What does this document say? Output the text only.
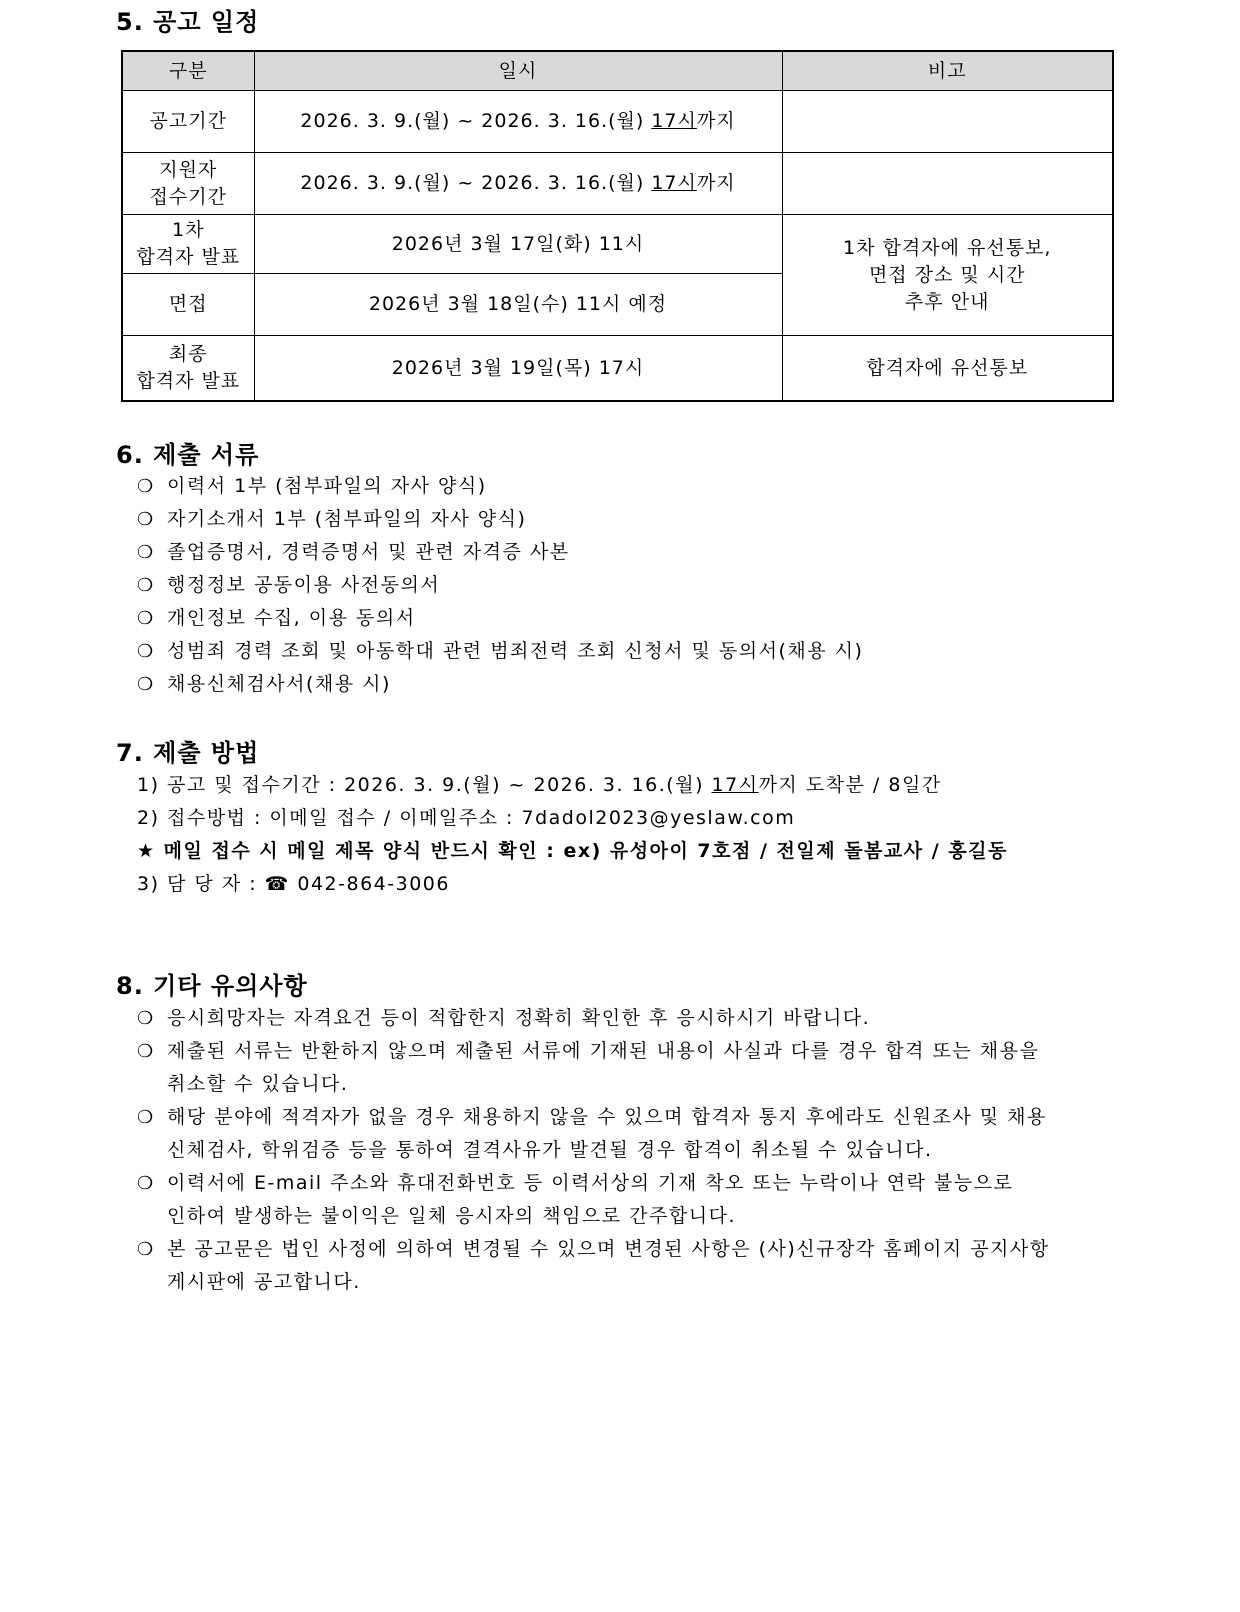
5. 공고 일정
구분	일시	비고
공고기간	2026. 3. 9.(월) ~ 2026. 3. 16.(월) 17시까지	

지원자
접수기간	2026. 3. 9.(월) ~ 2026. 3. 16.(월) 17시까지	

1차
합격자 발표	2026년 3월 17일(화) 11시	1차 합격자에 유선통보,
면접 장소 및 시간
추후 안내

면접	2026년 3월 18일(수) 11시 예정	

최종
합격자 발표	2026년 3월 19일(목) 17시	합격자에 유선통보
6. 제출 서류
❍ 이력서 1부 (첨부파일의 자사 양식)
❍ 자기소개서 1부 (첨부파일의 자사 양식)
❍ 졸업증명서, 경력증명서 및 관련 자격증 사본
❍ 행정정보 공동이용 사전동의서
❍ 개인정보 수집, 이용 동의서
❍ 성범죄 경력 조회 및 아동학대 관련 범죄전력 조회 신청서 및 동의서(채용 시)
❍ 채용신체검사서(채용 시)
7. 제출 방법
1) 공고 및 접수기간 : 2026. 3. 9.(월) ~ 2026. 3. 16.(월) 17시까지 도착분 / 8일간
2) 접수방법 : 이메일 접수 / 이메일주소 : 7dadol2023@yeslaw.com
★ 메일 접수 시 메일 제목 양식 반드시 확인 : ex) 유성아이 7호점 / 전일제 돌봄교사 / 홍길동
3) 담 당 자 : ☎ 042-864-3006
8. 기타 유의사항
❍ 응시희망자는 자격요건 등이 적합한지 정확히 확인한 후 응시하시기 바랍니다.
❍ 제출된 서류는 반환하지 않으며 제출된 서류에 기재된 내용이 사실과 다를 경우 합격 또는 채용을
취소할 수 있습니다.
❍ 해당 분야에 적격자가 없을 경우 채용하지 않을 수 있으며 합격자 통지 후에라도 신원조사 및 채용
신체검사, 학위검증 등을 통하여 결격사유가 발견될 경우 합격이 취소될 수 있습니다.
❍ 이력서에 E-mail 주소와 휴대전화번호 등 이력서상의 기재 착오 또는 누락이나 연락 불능으로
인하여 발생하는 불이익은 일체 응시자의 책임으로 간주합니다.
❍ 본 공고문은 법인 사정에 의하여 변경될 수 있으며 변경된 사항은 (사)신규장각 홈페이지 공지사항
게시판에 공고합니다.
